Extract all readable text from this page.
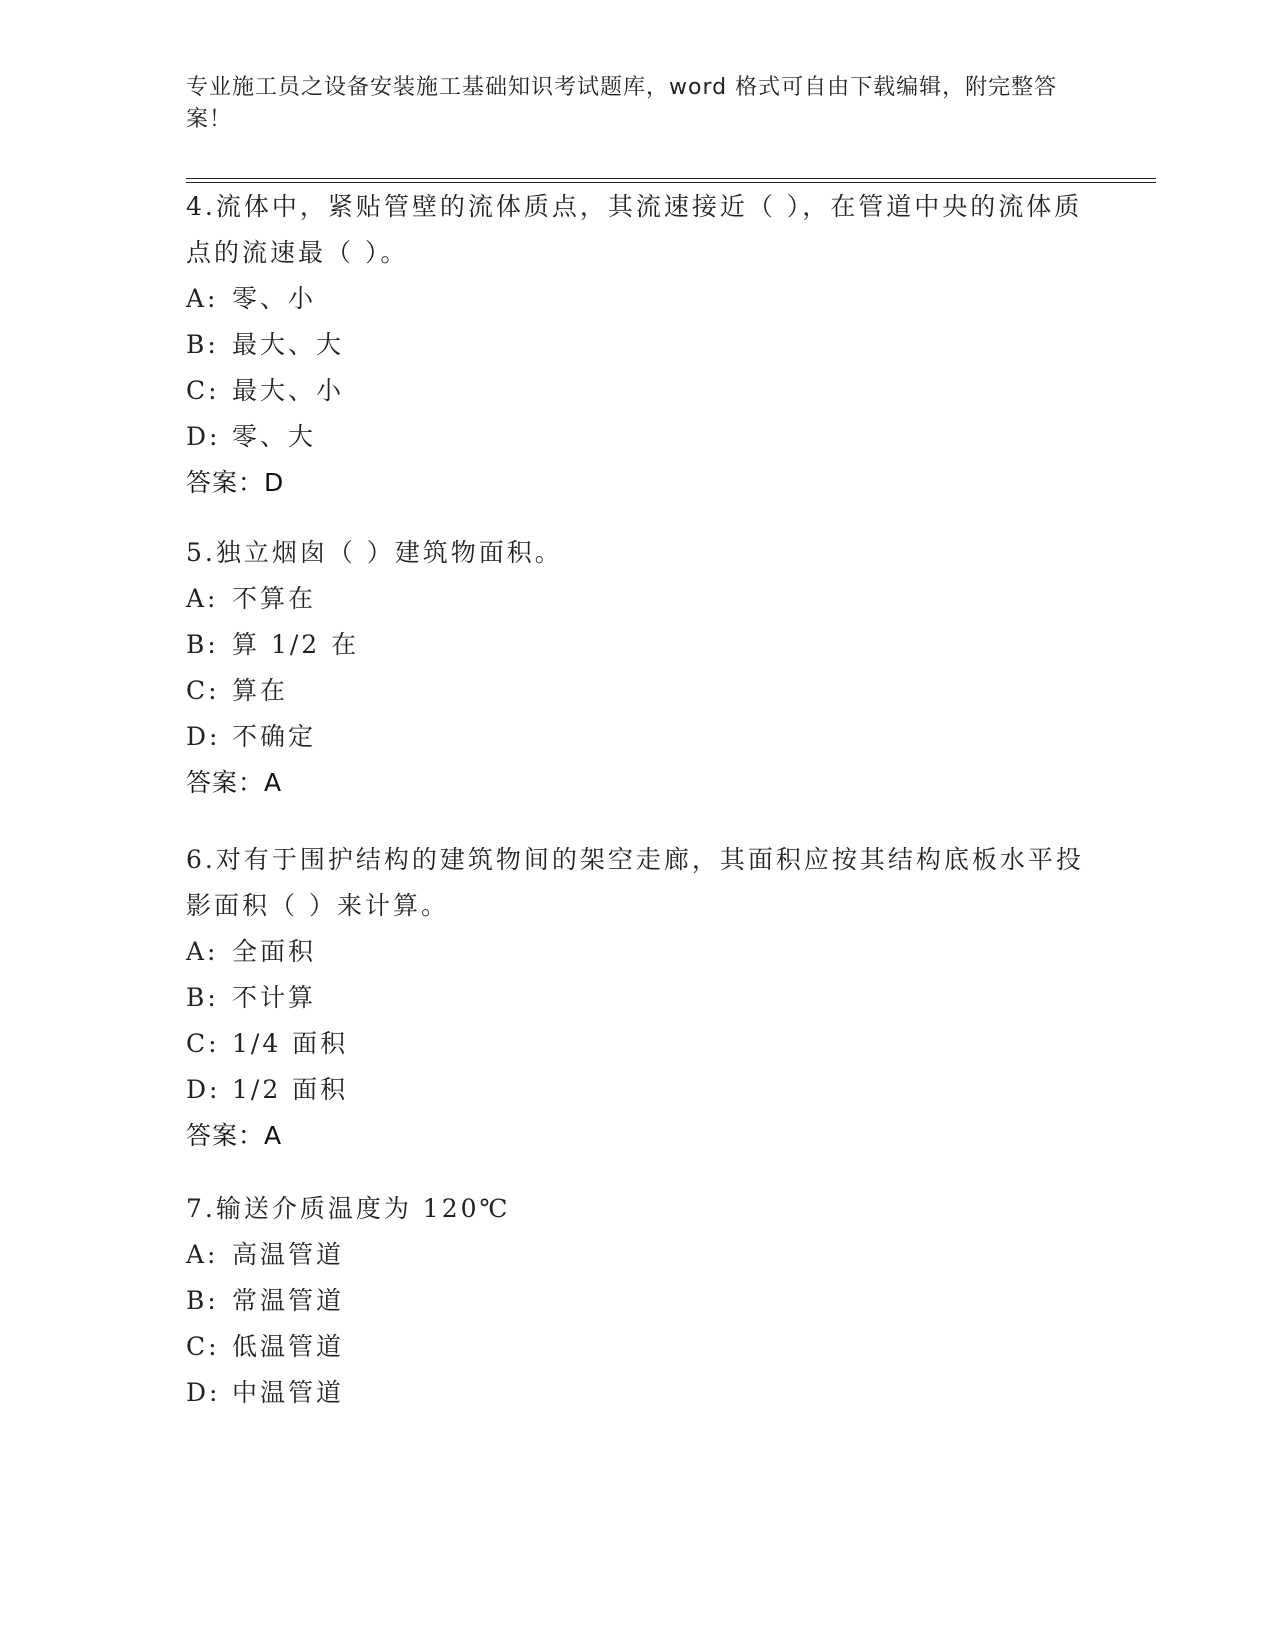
专业施工员之设备安装施工基础知识考试题库，word 格式可自由下载编辑，附完整答案！
4.流体中，紧贴管壁的流体质点，其流速接近（ ），在管道中央的流体质点的流速最（ ）。
A: 零、小
B: 最大、大
C: 最大、小
D: 零、大
答案：D
5.独立烟囱（ ）建筑物面积。
A: 不算在
B: 算 1/2 在
C: 算在
D: 不确定
答案：A
6.对有于围护结构的建筑物间的架空走廊，其面积应按其结构底板水平投影面积（ ）来计算。
A: 全面积
B: 不计算
C: 1/4 面积
D: 1/2 面积
答案：A
7.输送介质温度为 120℃
A: 高温管道
B: 常温管道
C: 低温管道
D: 中温管道
